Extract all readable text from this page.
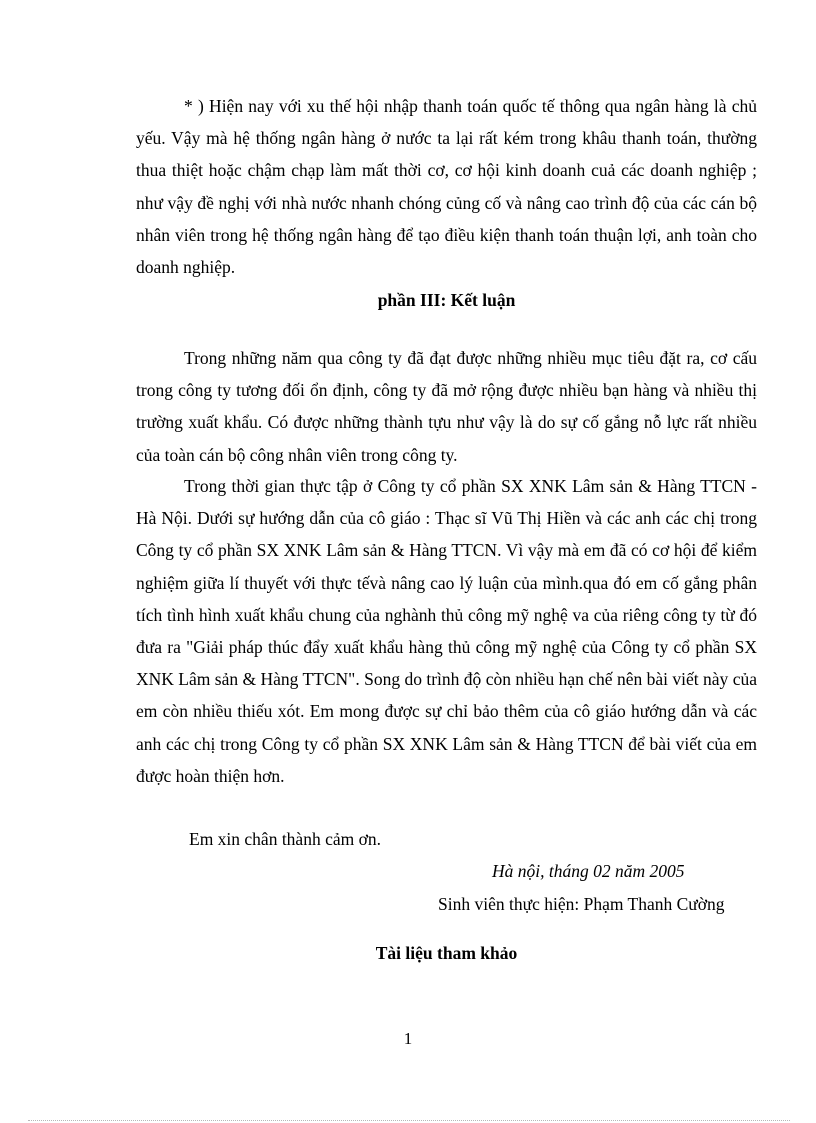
* ) Hiện nay với xu thế hội nhập thanh toán quốc tế thông qua ngân hàng là chủ yếu. Vậy mà hệ thống ngân hàng ở nước ta lại rất kém trong khâu thanh toán, thường thua thiệt hoặc chậm chạp làm mất thời cơ, cơ hội kinh doanh cuả các doanh nghiệp ; như vậy đề nghị với nhà nước nhanh chóng củng cố và nâng cao trình độ của các cán bộ nhân viên trong hệ thống ngân hàng để tạo điều kiện thanh toán thuận lợi, anh toàn cho doanh nghiệp.

phần III: Kết luận

Trong những năm qua công ty đã đạt được những nhiều mục tiêu đặt ra, cơ cấu trong công ty tương đối ổn định, công ty đã mở rộng được nhiều bạn hàng và nhiều thị trường xuất khẩu. Có được những thành tựu như vậy là do sự cố gắng nỗ lực rất nhiều của toàn cán bộ công nhân viên trong công ty.

Trong thời gian thực tập ở Công ty cổ phần SX XNK Lâm sản & Hàng TTCN - Hà Nội. Dưới sự hướng dẫn của cô giáo : Thạc sĩ Vũ Thị Hiền và các anh các chị trong Công ty cổ phần SX XNK Lâm sản & Hàng TTCN. Vì vậy mà em đã có cơ hội để kiểm nghiệm giữa lí thuyết với thực tếvà nâng cao lý luận của mình.qua đó em cố gắng phân tích tình hình xuất khẩu chung của nghành thủ công mỹ nghệ va của riêng công ty từ đó đưa ra "Giải pháp thúc đẩy xuất khẩu hàng thủ công mỹ nghệ của Công ty cổ phần SX XNK Lâm sản & Hàng TTCN". Song do trình độ còn nhiều hạn chế nên bài viết này của em còn nhiều thiếu xót. Em mong được sự chỉ bảo thêm của cô giáo hướng dẫn và các anh các chị trong Công ty cổ phần SX XNK Lâm sản & Hàng TTCN để bài viết của em được hoàn thiện hơn.

Em xin chân thành cảm ơn.
Hà nội, tháng 02 năm 2005
Sinh viên thực hiện: Phạm Thanh Cường
Tài liệu tham khảo
1
